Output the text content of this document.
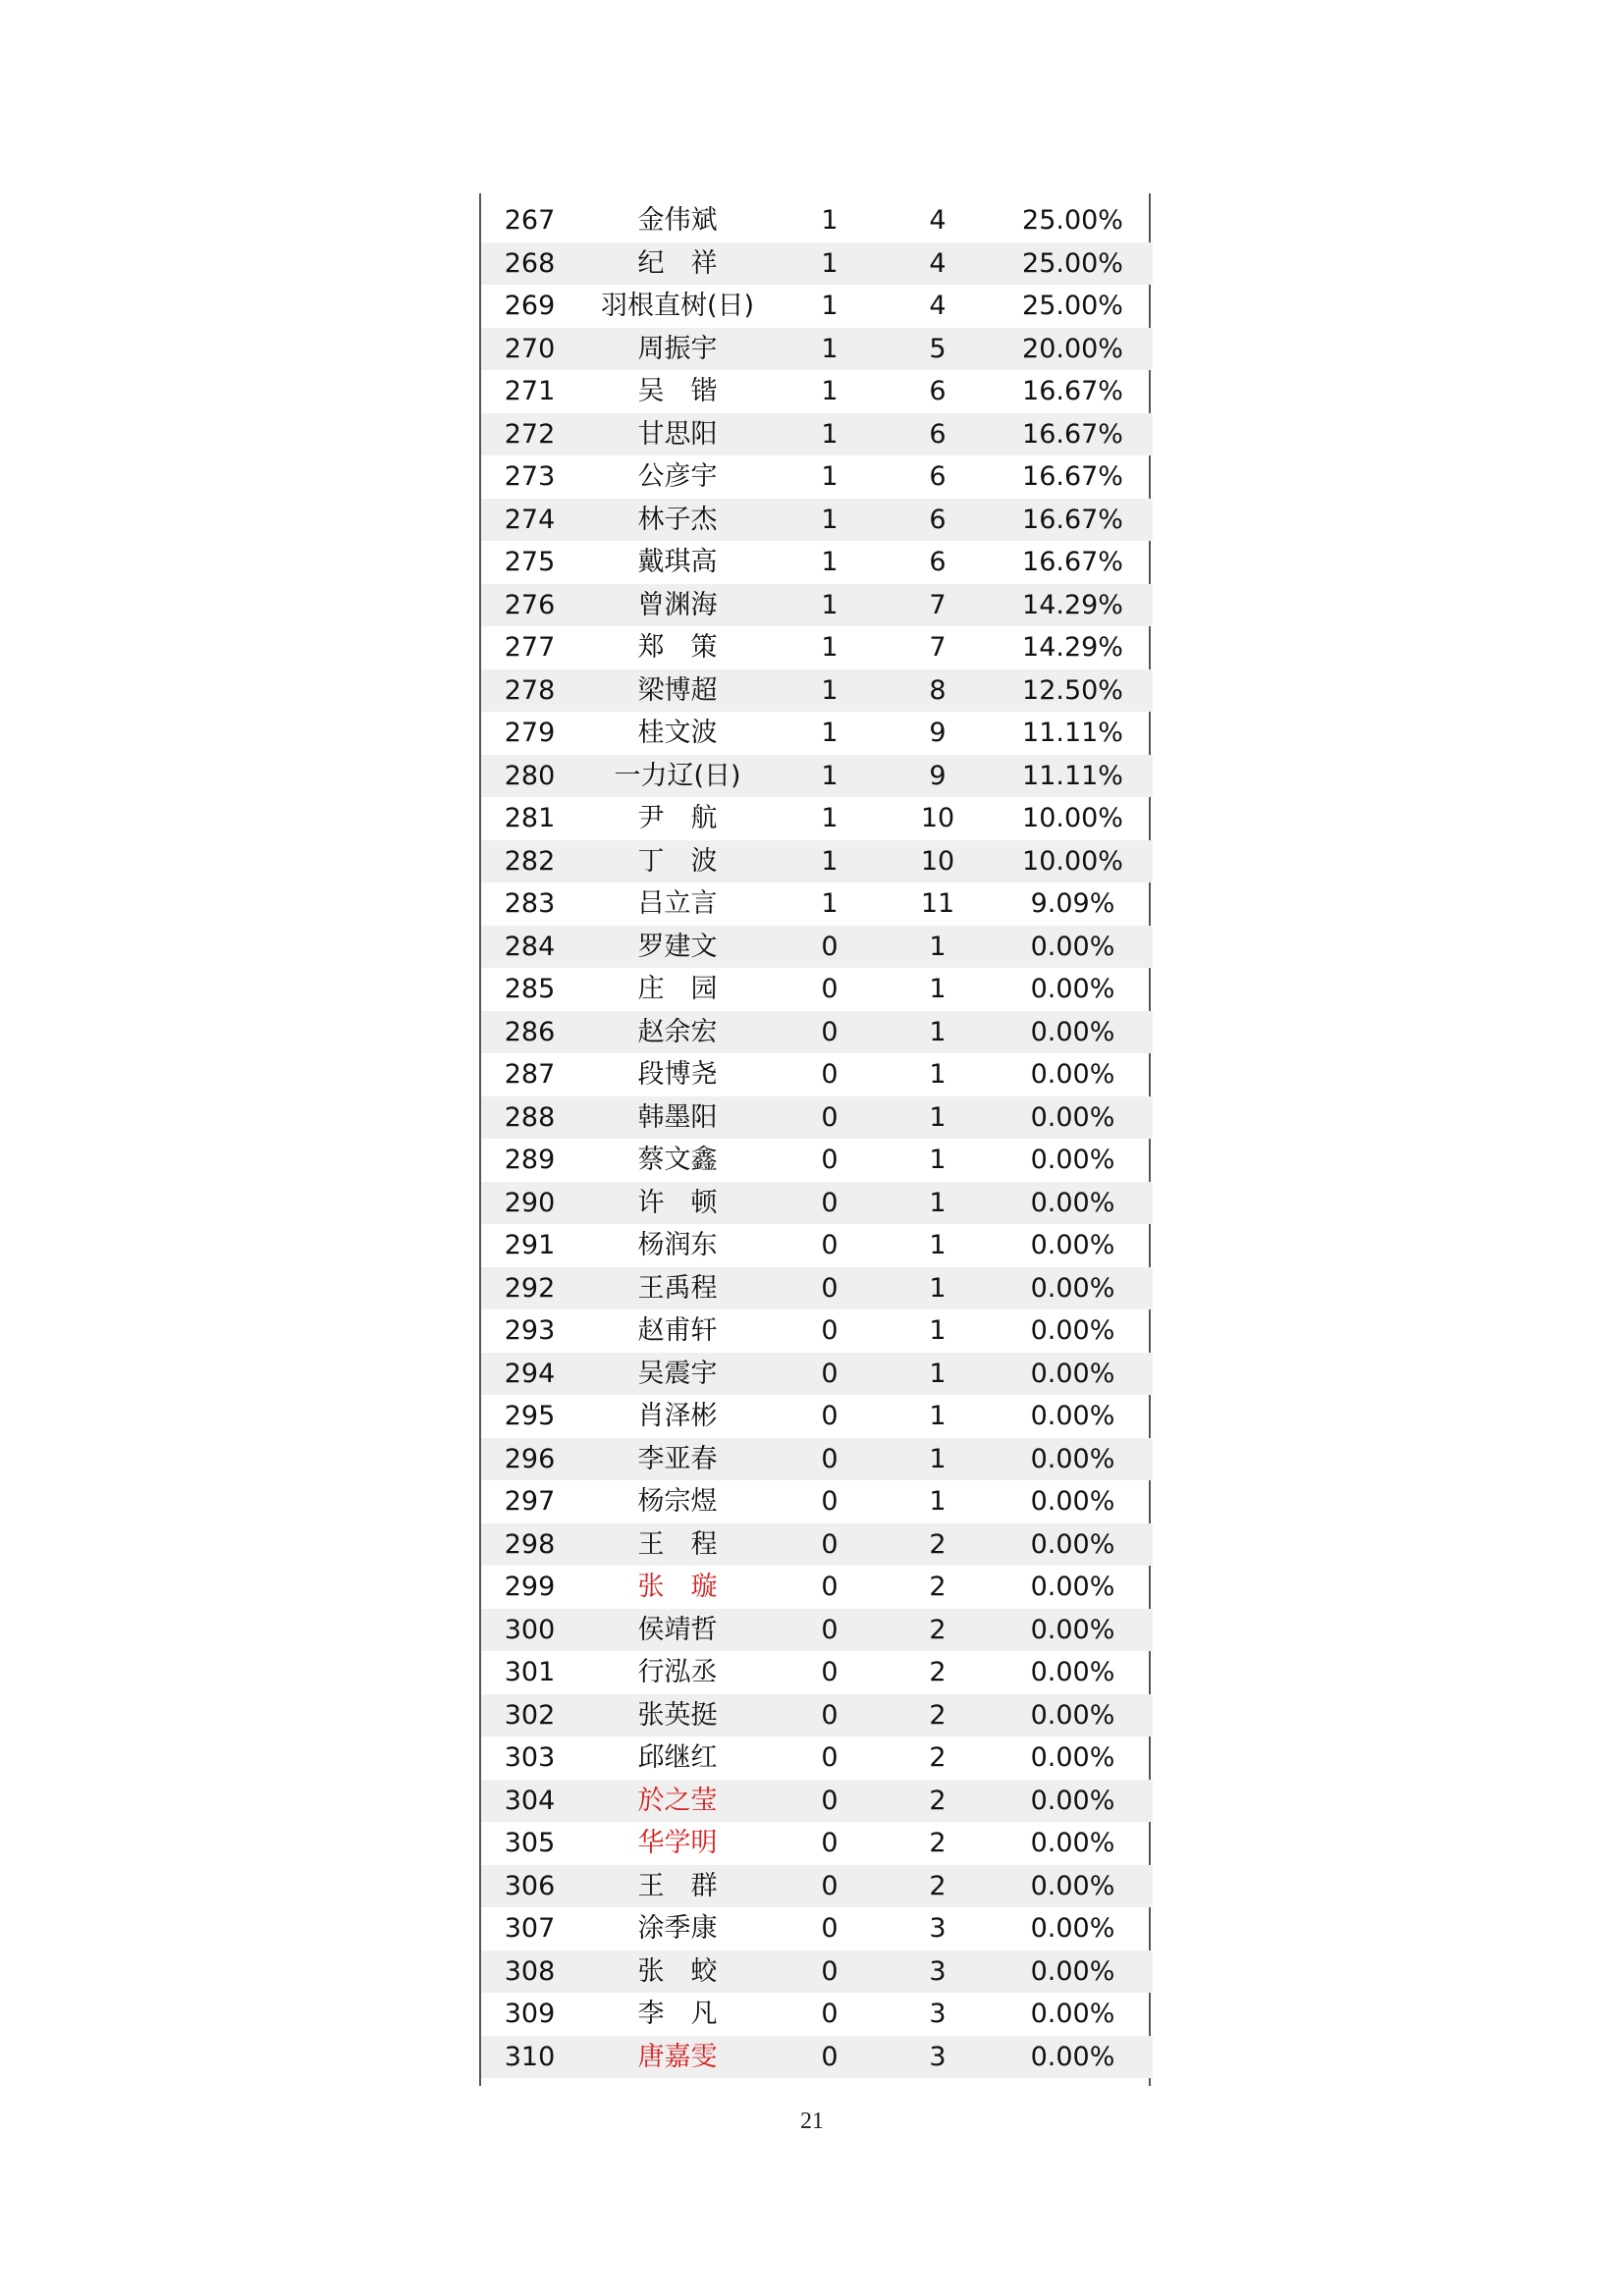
267	金伟斌	1	4	25.00%
268	纪　祥	1	4	25.00%
269	羽根直树(日)	1	4	25.00%
270	周振宇	1	5	20.00%
271	吴　锴	1	6	16.67%
272	甘思阳	1	6	16.67%
273	公彦宇	1	6	16.67%
274	林子杰	1	6	16.67%
275	戴琪高	1	6	16.67%
276	曾渊海	1	7	14.29%
277	郑　策	1	7	14.29%
278	梁博超	1	8	12.50%
279	桂文波	1	9	11.11%
280	一力辽(日)	1	9	11.11%
281	尹　航	1	10	10.00%
282	丁　波	1	10	10.00%
283	吕立言	1	11	9.09%
284	罗建文	0	1	0.00%
285	庄　园	0	1	0.00%
286	赵余宏	0	1	0.00%
287	段博尧	0	1	0.00%
288	韩墨阳	0	1	0.00%
289	蔡文鑫	0	1	0.00%
290	许　顿	0	1	0.00%
291	杨润东	0	1	0.00%
292	王禹程	0	1	0.00%
293	赵甫轩	0	1	0.00%
294	吴震宇	0	1	0.00%
295	肖泽彬	0	1	0.00%
296	李亚春	0	1	0.00%
297	杨宗煜	0	1	0.00%
298	王　程	0	2	0.00%
299	张　璇	0	2	0.00%
300	侯靖哲	0	2	0.00%
301	行泓丞	0	2	0.00%
302	张英挺	0	2	0.00%
303	邱继红	0	2	0.00%
304	於之莹	0	2	0.00%
305	华学明	0	2	0.00%
306	王　群	0	2	0.00%
307	涂季康	0	3	0.00%
308	张　蛟	0	3	0.00%
309	李　凡	0	3	0.00%
310	唐嘉雯	0	3	0.00%
21
